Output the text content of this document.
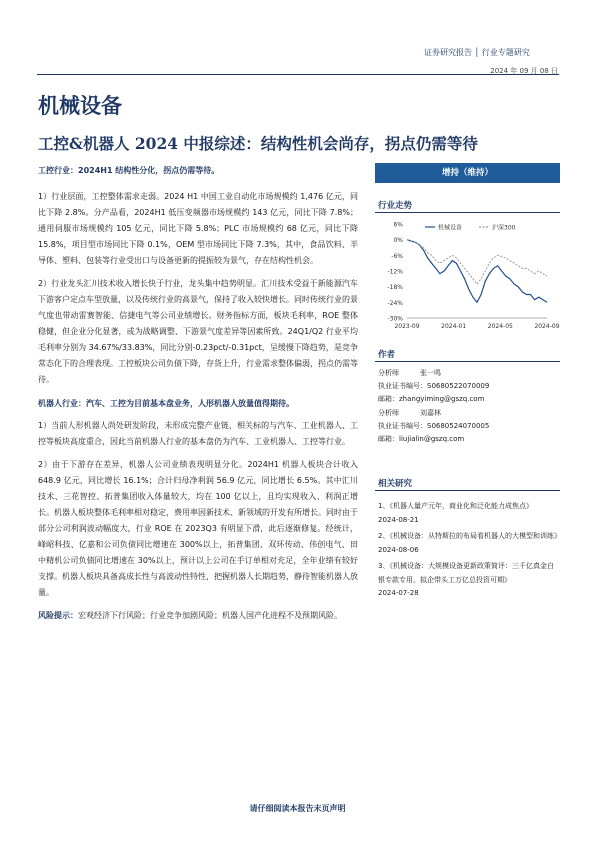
证券研究报告 │ 行业专题研究
2024 年 09 月 08 日
机械设备
工控&机器人 2024 中报综述：结构性机会尚存，拐点仍需等待

工控行业：2024H1 结构性分化，拐点仍需等待。

1）行业层面，工控整体需求走弱。2024 H1 中国工业自动化市场规模约 1,476 亿元，同比下降 2.8%。分产品看，2024H1 低压变频器市场规模约 143 亿元，同比下降 7.8%；通用伺服市场规模约 105 亿元，同比下降 5.8%；PLC 市场规模约 68 亿元，同比下降 15.8%，项目型市场同比下降 0.1%，OEM 型市场同比下降 7.3%，其中，食品饮料、半导体、塑料、包装等行业受出口与设备更新的提振较为景气，存在结构性机会。

2）行业龙头汇川技术收入增长快于行业，龙头集中趋势明显。汇川技术受益于新能源汽车下游客户定点车型放量，以及传统行业的高景气，保持了收入较快增长。同时传统行业的景气度也带动雷赛智能、信捷电气等公司业绩增长。财务指标方面，板块毛利率，ROE 整体稳健，但企业分化显著，或为战略调整、下游景气度差异等因素所致。24Q1/Q2 行业平均毛利率分别为 34.67%/33.83%，同比分别-0.23pct/-0.31pct，呈缓慢下降趋势，是竞争常态化下的合理表现。工控板块公司负债下降，存货上升，行业需求整体偏弱，拐点仍需等待。

机器人行业：汽车、工控为目前基本盘业务，人形机器人放量值得期待。

1）当前人形机器人尚处研发阶段，未形成完整产业链，相关标的与汽车、工业机器人、工控等板块高度重合，因此当前机器人行业的基本盘仍为汽车、工业机器人、工控等行业。

2）由于下游存在差异，机器人公司业绩表现明显分化。2024H1 机器人板块合计收入 648.9 亿元，同比增长 16.1%；合计归母净利润 56.9 亿元，同比增长 6.5%。其中汇川技术、三花智控、拓普集团收入体量较大，均在 100 亿以上，且均实现收入、利润正增长。机器人板块整体毛利率相对稳定，费用率因新技术、新领域的开发有所增长。同时由于部分公司利润波动幅度大，行业 ROE 在 2023Q3 有明显下滑，此后逐渐修复。经统计，峰岹科技、亿嘉和公司负债同比增速在 300%以上，拓普集团、双环传动、伟创电气、田中精机公司负债同比增速在 30%以上，预计以上公司在手订单相对充足，全年业绩有较好支撑。机器人板块具备高成长性与高波动性特性，把握机器人长期趋势，静待智能机器人放量。

风险提示：宏观经济下行风险；行业竞争加剧风险；机器人国产化进程不及预期风险。

增持（维持）
行业走势
6%
0%
-6%
-12%
-18%
-24%
-30%
2023-09	2024-01	2024-05	2024-09
机械设备	沪深300
作者
分析师	张一鸣
执业证书编号：S0680522070009
邮箱：zhangyiming@gszq.com
分析师	刘嘉林
执业证书编号：S0680524070005
邮箱：liujialin@gszq.com
相关研究
1、《机器人量产元年，商业化和泛化能力成焦点》
2024-08-21
2、《机械设备：从特斯拉的布局看机器人的大模型和训练》
2024-08-06
3、《机械设备：大规模设备更新政策简评：三千亿真金白银专款专用，拟企带头工万亿总投资可期》
2024-07-28
请仔细阅读本报告末页声明
